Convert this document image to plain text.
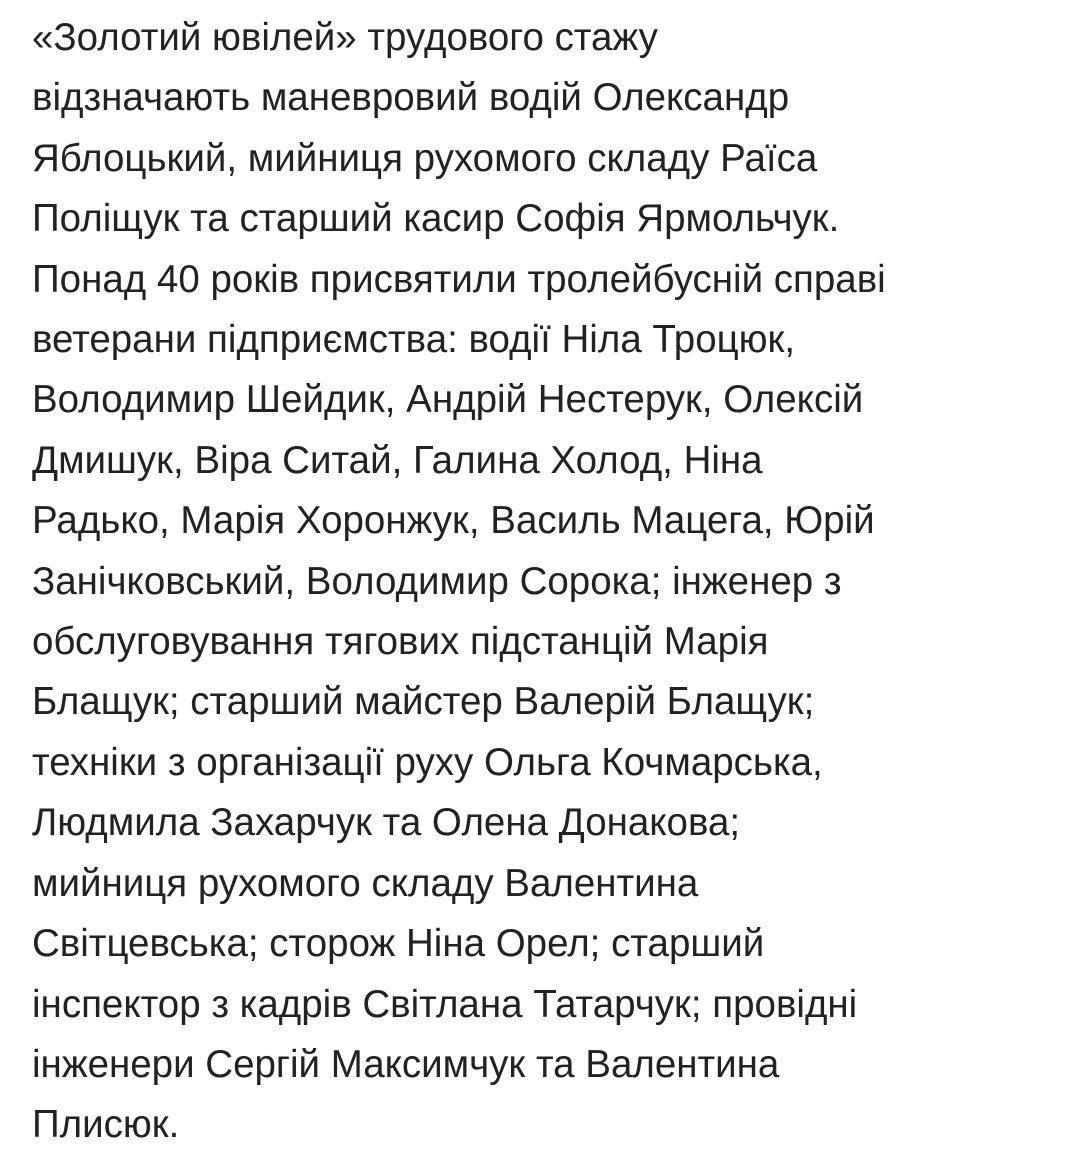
«Золотий ювілей» трудового стажу
відзначають маневровий водій Олександр
Яблоцький, мийниця рухомого складу Раїса
Поліщук та старший касир Софія Ярмольчук.
Понад 40 років присвятили тролейбусній справі
ветерани підприємства: водії Ніла Троцюк,
Володимир Шейдик, Андрій Нестерук, Олексій
Дмишук, Віра Ситай, Галина Холод, Ніна
Радько, Марія Хоронжук, Василь Мацега, Юрій
Занічковський, Володимир Сорока; інженер з
обслуговування тягових підстанцій Марія
Блащук; старший майстер Валерій Блащук;
техніки з організації руху Ольга Кочмарська,
Людмила Захарчук та Олена Донакова;
мийниця рухомого складу Валентина
Світцевська; сторож Ніна Орел; старший
інспектор з кадрів Світлана Татарчук; провідні
інженери Сергій Максимчук та Валентина
Плисюк.
